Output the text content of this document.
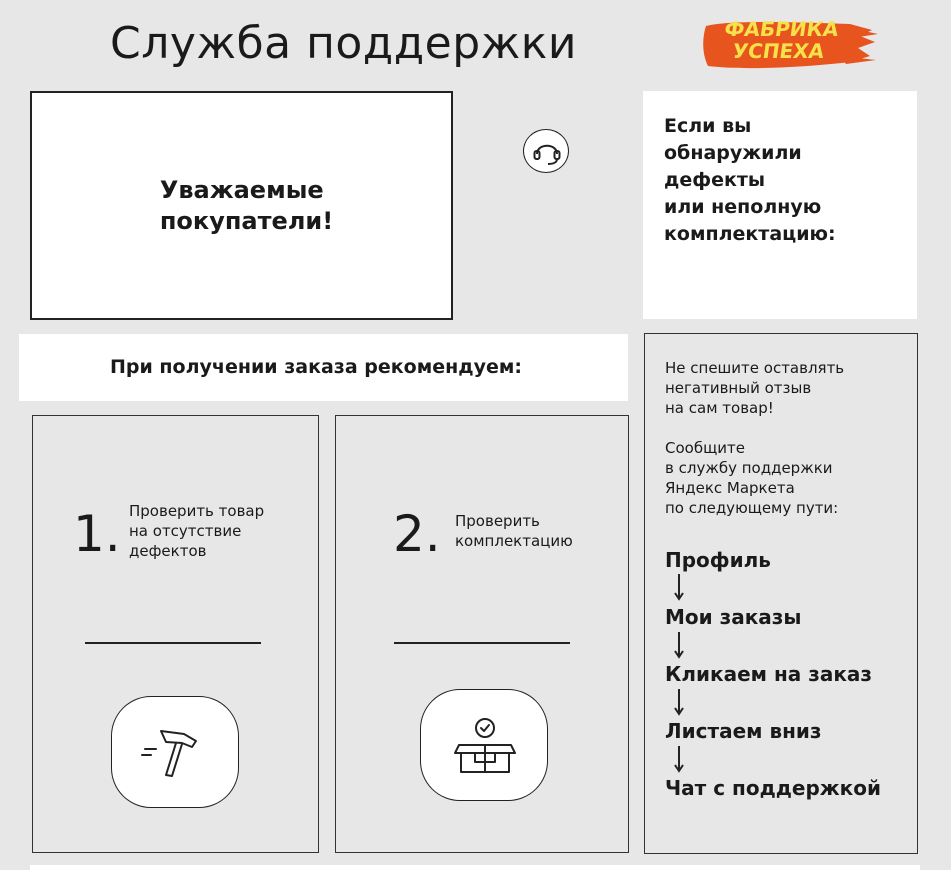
Служба поддержки	ФАБРИКА
УСПЕХА
Уважаемые
покупатели!
Если вы
обнаружили
дефекты
или неполную
комплектацию:
При получении заказа рекомендуем:
1. Проверить товар
на отсутствие
дефектов	2. Проверить
комплектацию
Не спешите оставлять
негативный отзыв
на сам товар!

Сообщите
в службу поддержки
Яндекс Маркета
по следующему пути:
Профиль
Мои заказы
Кликаем на заказ
Листаем вниз
Чат с поддержкой
